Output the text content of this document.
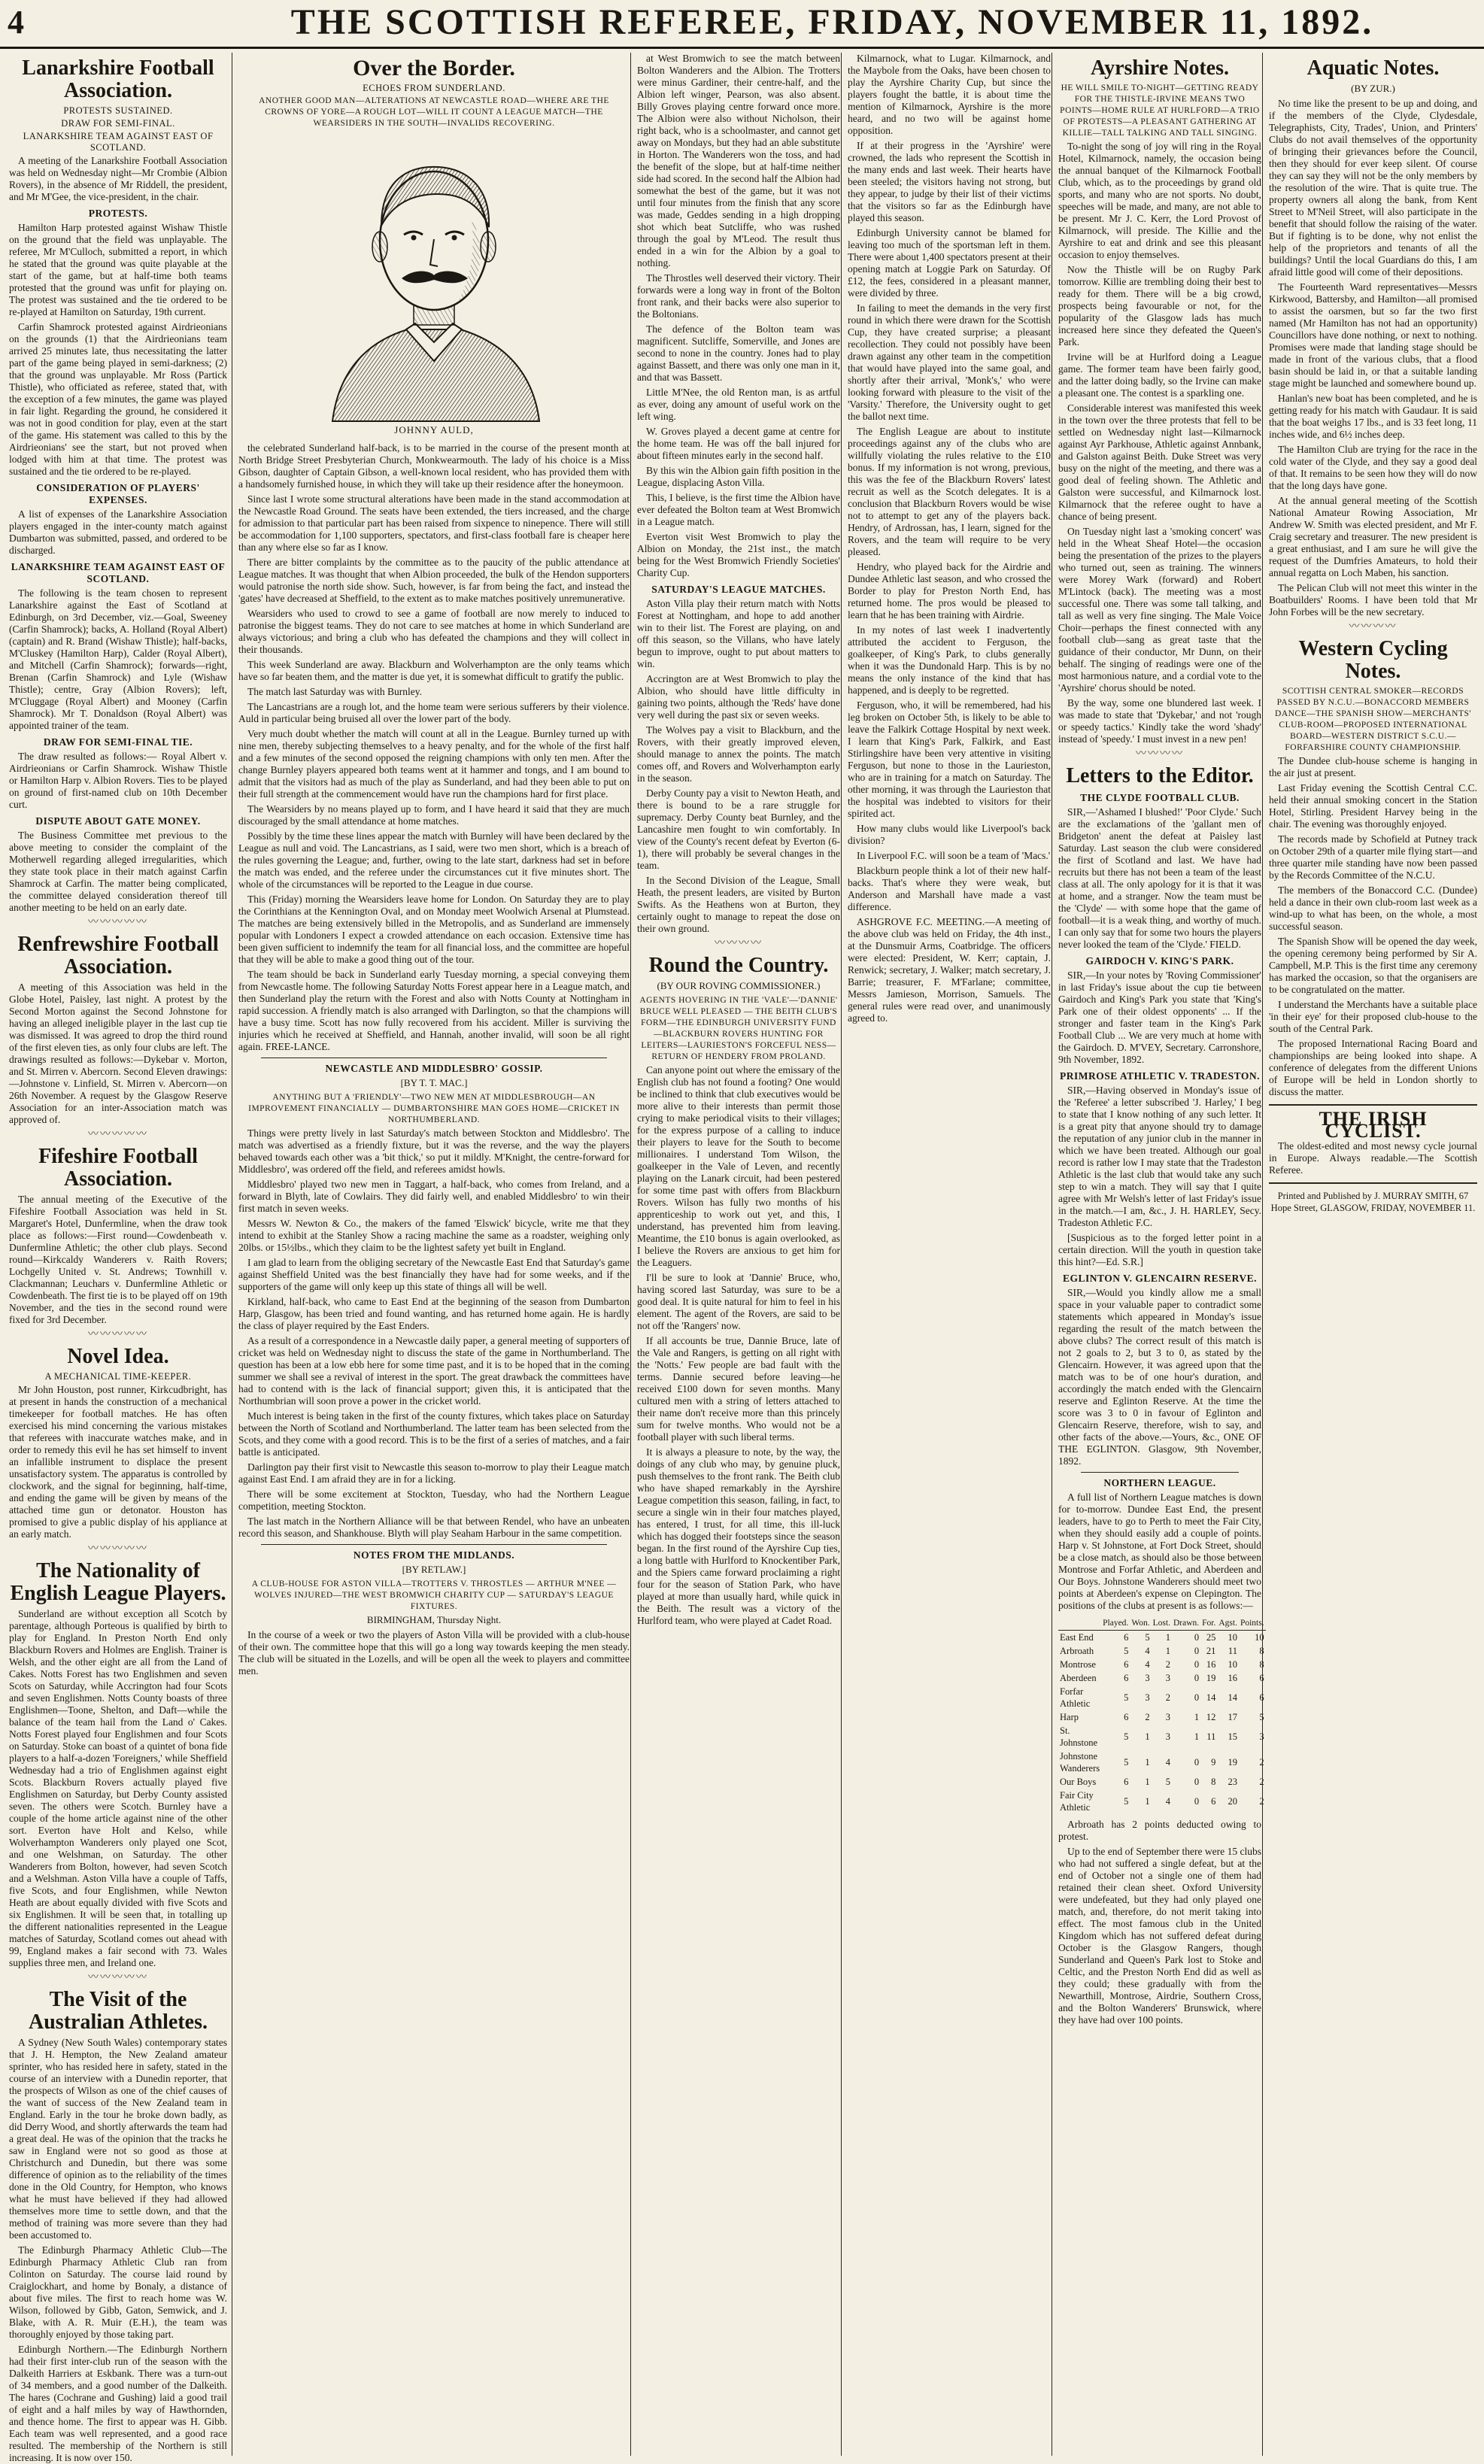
4	THE SCOTTISH REFEREE, FRIDAY, NOVEMBER 11, 1892.
Lanarkshire Football Association.
PROTESTS SUSTAINED.
DRAW FOR SEMI-FINAL.
LANARKSHIRE TEAM AGAINST EAST OF SCOTLAND.

A meeting of the Lanarkshire Football Association was held on Wednesday night—Mr Crombie (Albion Rovers), in the absence of Mr Riddell, the president, and Mr M'Gee, the vice-president, in the chair.

PROTESTS.

Hamilton Harp protested against Wishaw Thistle on the ground that the field was unplayable. The referee, Mr M'Culloch, submitted a report, in which he stated that the ground was quite playable at the start of the game, but at half-time both teams protested that the ground was unfit for playing on. The protest was sustained and the tie ordered to be re-played at Hamilton on Saturday, 19th current.

Carfin Shamrock protested against Airdrieonians on the grounds (1) that the Airdrieonians team arrived 25 minutes late, thus necessitating the latter part of the game being played in semi-darkness; (2) that the ground was unplayable. Mr Ross (Partick Thistle), who officiated as referee, stated that, with the exception of a few minutes, the game was played in fair light. Regarding the ground, he considered it was not in good condition for play, even at the start of the game. His statement was called to this by the Airdrieonians' see the start, but not proved when lodged with him at that time. The protest was sustained and the tie ordered to be re-played.

CONSIDERATION OF PLAYERS' EXPENSES.

A list of expenses of the Lanarkshire Association players engaged in the inter-county match against Dumbarton was submitted, passed, and ordered to be discharged.

LANARKSHIRE TEAM AGAINST EAST OF SCOTLAND.

The following is the team chosen to represent Lanarkshire against the East of Scotland at Edinburgh, on 3rd December, viz.—Goal, Sweeney (Carfin Shamrock); backs, A. Holland (Royal Albert) (captain) and R. Brand (Wishaw Thistle); half-backs, M'Cluskey (Hamilton Harp), Calder (Royal Albert), and Mitchell (Carfin Shamrock); forwards—right, Brenan (Carfin Shamrock) and Lyle (Wishaw Thistle); centre, Gray (Albion Rovers); left, M'Cluggage (Royal Albert) and Mooney (Carfin Shamrock). Mr T. Donaldson (Royal Albert) was appointed trainer of the team.

DRAW FOR SEMI-FINAL TIE.

The draw resulted as follows:— Royal Albert v. Airdrieonians or Carfin Shamrock. Wishaw Thistle or Hamilton Harp v. Albion Rovers. Ties to be played on ground of first-named club on 10th December curt.

DISPUTE ABOUT GATE MONEY.

The Business Committee met previous to the above meeting to consider the complaint of the Motherwell regarding alleged irregularities, which they state took place in their match against Carfin Shamrock at Carfin. The matter being complicated, the committee delayed consideration thereof till another meeting to be held on an early date.

〰〰〰〰〰
Renfrewshire Football Association.

A meeting of this Association was held in the Globe Hotel, Paisley, last night. A protest by the Second Morton against the Second Johnstone for having an alleged ineligible player in the last cup tie was dismissed. It was agreed to drop the third round of the first eleven ties, as only four clubs are left. The drawings resulted as follows:—Dykebar v. Morton, and St. Mirren v. Abercorn. Second Eleven drawings:—Johnstone v. Linfield, St. Mirren v. Abercorn—on 26th November. A request by the Glasgow Reserve Association for an inter-Association match was approved of.

〰〰〰〰〰
Fifeshire Football Association.

The annual meeting of the Executive of the Fifeshire Football Association was held in St. Margaret's Hotel, Dunfermline, when the draw took place as follows:—First round—Cowdenbeath v. Dunfermline Athletic; the other club plays. Second round—Kirkcaldy Wanderers v. Raith Rovers; Lochgelly United v. St. Andrews; Townhill v. Clackmannan; Leuchars v. Dunfermline Athletic or Cowdenbeath. The first tie is to be played off on 19th November, and the ties in the second round were fixed for 3rd December.

〰〰〰〰〰
Novel Idea.
A MECHANICAL TIME-KEEPER.

Mr John Houston, post runner, Kirkcudbright, has at present in hands the construction of a mechanical timekeeper for football matches. He has often exercised his mind concerning the various mistakes that referees with inaccurate watches make, and in order to remedy this evil he has set himself to invent an infallible instrument to displace the present unsatisfactory system. The apparatus is controlled by clockwork, and the signal for beginning, half-time, and ending the game will be given by means of the attached time gun or detonator. Houston has promised to give a public display of his appliance at an early match.

〰〰〰〰〰
The Nationality of English League Players.

Sunderland are without exception all Scotch by parentage, although Porteous is qualified by birth to play for England. In Preston North End only Blackburn Rovers and Holmes are English. Trainer is Welsh, and the other eight are all from the Land of Cakes. Notts Forest has two Englishmen and seven Scots on Saturday, while Accrington had four Scots and seven Englishmen. Notts County boasts of three Englishmen—Toone, Shelton, and Daft—while the balance of the team hail from the Land o' Cakes. Notts Forest played four Englishmen and four Scots on Saturday. Stoke can boast of a quintet of bona fide players to a half-a-dozen 'Foreigners,' while Sheffield Wednesday had a trio of Englishmen against eight Scots. Blackburn Rovers actually played five Englishmen on Saturday, but Derby County assisted seven. The others were Scotch. Burnley have a couple of the home article against nine of the other sort. Everton have Holt and Kelso, while Wolverhampton Wanderers only played one Scot, and one Welshman, on Saturday. The other Wanderers from Bolton, however, had seven Scotch and a Welshman. Aston Villa have a couple of Taffs, five Scots, and four Englishmen, while Newton Heath are about equally divided with five Scots and six Englishmen. It will be seen that, in totalling up the different nationalities represented in the League matches of Saturday, Scotland comes out ahead with 99, England makes a fair second with 73. Wales supplies three men, and Ireland one.

〰〰〰〰〰
The Visit of the Australian Athletes.

A Sydney (New South Wales) contemporary states that J. H. Hempton, the New Zealand amateur sprinter, who has resided here in safety, stated in the course of an interview with a Dunedin reporter, that the prospects of Wilson as one of the chief causes of the want of success of the New Zealand team in England. Early in the tour he broke down badly, as did Derry Wood, and shortly afterwards the team had a great deal. He was of the opinion that the tracks he saw in England were not so good as those at Christchurch and Dunedin, but there was some difference of opinion as to the reliability of the times done in the Old Country, for Hempton, who knows what he must have believed if they had allowed themselves more time to settle down, and that the method of training was more severe than they had been accustomed to.

The Edinburgh Pharmacy Athletic Club—The Edinburgh Pharmacy Athletic Club ran from Colinton on Saturday. The course laid round by Craiglockhart, and home by Bonaly, a distance of about five miles. The first to reach home was W. Wilson, followed by Gibb, Gaton, Semwick, and J. Blake, with A. R. Muir (E.H.), the team was thoroughly enjoyed by those taking part.

Edinburgh Northern.—The Edinburgh Northern had their first inter-club run of the season with the Dalkeith Harriers at Eskbank. There was a turn-out of 34 members, and a good number of the Dalkeith. The hares (Cochrane and Gushing) laid a good trail of eight and a half miles by way of Hawthornden, and thence home. The first to appear was H. Gibb. Each team was well represented, and a good race resulted. The membership of the Northern is still increasing. It is now over 150.

Over the Border.
ECHOES FROM SUNDERLAND.
ANOTHER GOOD MAN—ALTERATIONS AT NEWCASTLE ROAD—WHERE ARE THE CROWNS OF YORE—A ROUGH LOT—WILL IT COUNT A LEAGUE MATCH—THE WEARSIDERS IN THE SOUTH—INVALIDS RECOVERING.
JOHNNY AULD,

the celebrated Sunderland half-back, is to be married in the course of the present month at North Bridge Street Presbyterian Church, Monkwearmouth. The lady of his choice is a Miss Gibson, daughter of Captain Gibson, a well-known local resident, who has provided them with a handsomely furnished house, in which they will take up their residence after the honeymoon.

Since last I wrote some structural alterations have been made in the stand accommodation at the Newcastle Road Ground. The seats have been extended, the tiers increased, and the charge for admission to that particular part has been raised from sixpence to ninepence. There will still be accommodation for 1,100 supporters, spectators, and first-class football fare is cheaper here than any where else so far as I know.

There are bitter complaints by the committee as to the paucity of the public attendance at League matches. It was thought that when Albion proceeded, the bulk of the Hendon supporters would patronise the north side show. Such, however, is far from being the fact, and instead the 'gates' have decreased at Sheffield, to the extent as to make matches positively unremunerative.

Wearsiders who used to crowd to see a game of football are now merely to induced to patronise the biggest teams. They do not care to see matches at home in which Sunderland are always victorious; and bring a club who has defeated the champions and they will collect in their thousands.

This week Sunderland are away. Blackburn and Wolverhampton are the only teams which have so far beaten them, and the matter is due yet, it is somewhat difficult to gratify the public.

The match last Saturday was with Burnley.

The Lancastrians are a rough lot, and the home team were serious sufferers by their violence. Auld in particular being bruised all over the lower part of the body.

Very much doubt whether the match will count at all in the League. Burnley turned up with nine men, thereby subjecting themselves to a heavy penalty, and for the whole of the first half and a few minutes of the second opposed the reigning champions with only ten men. After the change Burnley players appeared both teams went at it hammer and tongs, and I am bound to admit that the visitors had as much of the play as Sunderland, and had they been able to put on their full strength at the commencement would have run the champions hard for first place.

The Wearsiders by no means played up to form, and I have heard it said that they are much discouraged by the small attendance at home matches.

Possibly by the time these lines appear the match with Burnley will have been declared by the League as null and void. The Lancastrians, as I said, were two men short, which is a breach of the rules governing the League; and, further, owing to the late start, darkness had set in before the match was ended, and the referee under the circumstances cut it five minutes short. The whole of the circumstances will be reported to the League in due course.

This (Friday) morning the Wearsiders leave home for London. On Saturday they are to play the Corinthians at the Kennington Oval, and on Monday meet Woolwich Arsenal at Plumstead. The matches are being extensively billed in the Metropolis, and as Sunderland are immensely popular with Londoners I expect a crowded attendance on each occasion. Extensive time has been given sufficient to indemnify the team for all financial loss, and the committee are hopeful that they will be able to make a good thing out of the tour.

The team should be back in Sunderland early Tuesday morning, a special conveying them from Newcastle home. The following Saturday Notts Forest appear here in a League match, and then Sunderland play the return with the Forest and also with Notts County at Nottingham in rapid succession. A friendly match is also arranged with Darlington, so that the champions will have a busy time. Scott has now fully recovered from his accident. Miller is surviving the injuries which he received at Sheffield, and Hannah, another invalid, will soon be all right again. FREE-LANCE.

NEWCASTLE AND MIDDLESBRO' GOSSIP.
[BY T. T. MAC.]
ANYTHING BUT A 'FRIENDLY'—TWO NEW MEN AT MIDDLESBROUGH—AN IMPROVEMENT FINANCIALLY — DUMBARTONSHIRE MAN GOES HOME—CRICKET IN NORTHUMBERLAND.

Things were pretty lively in last Saturday's match between Stockton and Middlesbro'. The match was advertised as a friendly fixture, but it was the reverse, and the way the players behaved towards each other was a 'bit thick,' so put it mildly. M'Knight, the centre-forward for Middlesbro', was ordered off the field, and referees amidst howls.

Middlesbro' played two new men in Taggart, a half-back, who comes from Ireland, and a forward in Blyth, late of Cowlairs. They did fairly well, and enabled Middlesbro' to win their first match in seven weeks.

Messrs W. Newton & Co., the makers of the famed 'Elswick' bicycle, write me that they intend to exhibit at the Stanley Show a racing machine the same as a roadster, weighing only 20lbs. or 15½lbs., which they claim to be the lightest safety yet built in England.

I am glad to learn from the obliging secretary of the Newcastle East End that Saturday's game against Sheffield United was the best financially they have had for some weeks, and if the supporters of the game will only keep up this state of things all will be well.

Kirkland, half-back, who came to East End at the beginning of the season from Dumbarton Harp, Glasgow, has been tried and found wanting, and has returned home again. He is hardly the class of player required by the East Enders.

As a result of a correspondence in a Newcastle daily paper, a general meeting of supporters of cricket was held on Wednesday night to discuss the state of the game in Northumberland. The question has been at a low ebb here for some time past, and it is to be hoped that in the coming summer we shall see a revival of interest in the sport. The great drawback the committees have had to contend with is the lack of financial support; given this, it is anticipated that the Northumbrian will soon prove a power in the cricket world.

Much interest is being taken in the first of the county fixtures, which takes place on Saturday between the North of Scotland and Northumberland. The latter team has been selected from the Scots, and they come with a good record. This is to be the first of a series of matches, and a fair battle is anticipated.

Darlington pay their first visit to Newcastle this season to-morrow to play their League match against East End. I am afraid they are in for a licking.

There will be some excitement at Stockton, Tuesday, who had the Northern League competition, meeting Stockton.

The last match in the Northern Alliance will be that between Rendel, who have an unbeaten record this season, and Shankhouse. Blyth will play Seaham Harbour in the same competition.

NOTES FROM THE MIDLANDS.
[BY RETLAW.]
A CLUB-HOUSE FOR ASTON VILLA—TROTTERS V. THROSTLES — ARTHUR M'NEE — WOLVES INJURED—THE WEST BROMWICH CHARITY CUP — SATURDAY'S LEAGUE FIXTURES.
BIRMINGHAM, Thursday Night.

In the course of a week or two the players of Aston Villa will be provided with a club-house of their own. The committee hope that this will go a long way towards keeping the men steady. The club will be situated in the Lozells, and will be open all the week to players and committee men.

at West Bromwich to see the match between Bolton Wanderers and the Albion. The Trotters were minus Gardiner, their centre-half, and the Albion left winger, Pearson, was also absent. Billy Groves playing centre forward once more. The Albion were also without Nicholson, their right back, who is a schoolmaster, and cannot get away on Mondays, but they had an able substitute in Horton. The Wanderers won the toss, and had the benefit of the slope, but at half-time neither side had scored. In the second half the Albion had somewhat the best of the game, but it was not until four minutes from the finish that any score was made, Geddes sending in a high dropping shot which beat Sutcliffe, who was rushed through the goal by M'Leod. The result thus ended in a win for the Albion by a goal to nothing.

The Throstles well deserved their victory. Their forwards were a long way in front of the Bolton front rank, and their backs were also superior to the Boltonians.

The defence of the Bolton team was magnificent. Sutcliffe, Somerville, and Jones are second to none in the country. Jones had to play against Bassett, and there was only one man in it, and that was Bassett.

Little M'Nee, the old Renton man, is as artful as ever, doing any amount of useful work on the left wing.

W. Groves played a decent game at centre for the home team. He was off the ball injured for about fifteen minutes early in the second half.

By this win the Albion gain fifth position in the League, displacing Aston Villa.

This, I believe, is the first time the Albion have ever defeated the Bolton team at West Bromwich in a League match.

Everton visit West Bromwich to play the Albion on Monday, the 21st inst., the match being for the West Bromwich Friendly Societies' Charity Cup.

SATURDAY'S LEAGUE MATCHES.

Aston Villa play their return match with Notts Forest at Nottingham, and hope to add another win to their list. The Forest are playing, on and off this season, so the Villans, who have lately begun to improve, ought to put about matters to win.

Accrington are at West Bromwich to play the Albion, who should have little difficulty in gaining two points, although the 'Reds' have done very well during the past six or seven weeks.

The Wolves pay a visit to Blackburn, and the Rovers, with their greatly improved eleven, should manage to annex the points. The match comes off, and Rovers and Wolverhampton early in the season.

Derby County pay a visit to Newton Heath, and there is bound to be a rare struggle for supremacy. Derby County beat Burnley, and the Lancashire men fought to win comfortably. In view of the County's recent defeat by Everton (6-1), there will probably be several changes in the team.

In the Second Division of the League, Small Heath, the present leaders, are visited by Burton Swifts. As the Heathens won at Burton, they certainly ought to manage to repeat the dose on their own ground.

〰〰〰〰
Round the Country.
(BY OUR ROVING COMMISSIONER.)
AGENTS HOVERING IN THE 'VALE'—'DANNIE' BRUCE WELL PLEASED — THE BEITH CLUB'S FORM—THE EDINBURGH UNIVERSITY FUND—BLACKBURN ROVERS HUNTING FOR LEITERS—LAURIESTON'S FORCEFUL NESS—RETURN OF HENDERY FROM PROLAND.

Can anyone point out where the emissary of the English club has not found a footing? One would be inclined to think that club executives would be more alive to their interests than permit those crying to make periodical visits to their villages; for the express purpose of a calling to induce their players to leave for the South to become millionaires. I understand Tom Wilson, the goalkeeper in the Vale of Leven, and recently playing on the Lanark circuit, had been pestered for some time past with offers from Blackburn Rovers. Wilson has fully two months of his apprenticeship to work out yet, and this, I understand, has prevented him from leaving. Meantime, the £10 bonus is again overlooked, as I believe the Rovers are anxious to get him for the Leaguers.

I'll be sure to look at 'Dannie' Bruce, who, having scored last Saturday, was sure to be a good deal. It is quite natural for him to feel in his element. The agent of the Rovers, are said to be not off the 'Rangers' now.

If all accounts be true, Dannie Bruce, late of the Vale and Rangers, is getting on all right with the 'Notts.' Few people are bad fault with the terms. Dannie secured before leaving—he received £100 down for seven months. Many cultured men with a string of letters attached to their name don't receive more than this princely sum for twelve months. Who would not be a football player with such liberal terms.

It is always a pleasure to note, by the way, the doings of any club who may, by genuine pluck, push themselves to the front rank. The Beith club who have shaped remarkably in the Ayrshire League competition this season, failing, in fact, to secure a single win in their four matches played, has entered, I trust, for all time, this ill-luck which has dogged their footsteps since the season began. In the first round of the Ayrshire Cup ties, a long battle with Hurlford to Knockentiber Park, and the Spiers came forward proclaiming a right four for the season of Station Park, who have played at more than usually hard, while quick in the Beith. The result was a victory of the Hurlford team, who were played at Cadet Road.

Kilmarnock, what to Lugar. Kilmarnock, and the Maybole from the Oaks, have been chosen to play the Ayrshire Charity Cup, but since the players fought the battle, it is about time the mention of Kilmarnock, Ayrshire is the more heard, and no two will be against home opposition.

If at their progress in the 'Ayrshire' were crowned, the lads who represent the Scottish in the many ends and last week. Their hearts have been steeled; the visitors having not strong, but they appear, to judge by their list of their victims that the visitors so far as the Edinburgh have played this season.

Edinburgh University cannot be blamed for leaving too much of the sportsman left in them. There were about 1,400 spectators present at their opening match at Loggie Park on Saturday. Of £12, the fees, considered in a pleasant manner, were divided by three.

In failing to meet the demands in the very first round in which there were drawn for the Scottish Cup, they have created surprise; a pleasant recollection. They could not possibly have been drawn against any other team in the competition that would have played into the same goal, and shortly after their arrival, 'Monk's,' who were looking forward with pleasure to the visit of the 'Varsity.' Therefore, the University ought to get the ballot next time.

The English League are about to institute proceedings against any of the clubs who are willfully violating the rules relative to the £10 bonus. If my information is not wrong, previous, this was the fee of the Blackburn Rovers' latest recruit as well as the Scotch delegates. It is a conclusion that Blackburn Rovers would be wise not to attempt to get any of the players back. Hendry, of Ardrossan, has, I learn, signed for the Rovers, and the team will require to be very pleased.

Hendry, who played back for the Airdrie and Dundee Athletic last season, and who crossed the Border to play for Preston North End, has returned home. The pros would be pleased to learn that he has been training with Airdrie.

In my notes of last week I inadvertently attributed the accident to Ferguson, the goalkeeper, of King's Park, to clubs generally when it was the Dundonald Harp. This is by no means the only instance of the kind that has happened, and is deeply to be regretted.

Ferguson, who, it will be remembered, had his leg broken on October 5th, is likely to be able to leave the Falkirk Cottage Hospital by next week. I learn that King's Park, Falkirk, and East Stirlingshire have been very attentive in visiting Ferguson, but none to those in the Laurieston, who are in training for a match on Saturday. The other morning, it was through the Laurieston that the hospital was indebted to visitors for their spirited act.

How many clubs would like Liverpool's back division?

In Liverpool F.C. will soon be a team of 'Macs.'

Blackburn people think a lot of their new half-backs. That's where they were weak, but Anderson and Marshall have made a vast difference.

ASHGROVE F.C. MEETING.—A meeting of the above club was held on Friday, the 4th inst., at the Dunsmuir Arms, Coatbridge. The officers were elected: President, W. Kerr; captain, J. Renwick; secretary, J. Walker; match secretary, J. Barrie; treasurer, F. M'Farlane; committee, Messrs Jamieson, Morrison, Samuels. The general rules were read over, and unanimously agreed to.

Ayrshire Notes.
HE WILL SMILE TO-NIGHT—GETTING READY FOR THE THISTLE-IRVINE MEANS TWO POINTS—HOME RULE AT HURLFORD—A TRIO OF PROTESTS—A PLEASANT GATHERING AT KILLIE—TALL TALKING AND TALL SINGING.

To-night the song of joy will ring in the Royal Hotel, Kilmarnock, namely, the occasion being the annual banquet of the Kilmarnock Football Club, which, as to the proceedings by grand old sports, and many who are not sports. No doubt, speeches will be made, and many, are not able to be present. Mr J. C. Kerr, the Lord Provost of Kilmarnock, will preside. The Killie and the Ayrshire to eat and drink and see this pleasant occasion to enjoy themselves.

Now the Thistle will be on Rugby Park tomorrow. Killie are trembling doing their best to ready for them. There will be a big crowd, prospects being favourable or not, for the popularity of the Glasgow lads has much increased here since they defeated the Queen's Park.

Irvine will be at Hurlford doing a League game. The former team have been fairly good, and the latter doing badly, so the Irvine can make a pleasant one. The contest is a sparkling one.

Considerable interest was manifested this week in the town over the three protests that fell to be settled on Wednesday night last—Kilmarnock against Ayr Parkhouse, Athletic against Annbank, and Galston against Beith. Duke Street was very busy on the night of the meeting, and there was a good deal of feeling shown. The Athletic and Galston were successful, and Kilmarnock lost. Kilmarnock that the referee ought to have a chance of being present.

On Tuesday night last a 'smoking concert' was held in the Wheat Sheaf Hotel—the occasion being the presentation of the prizes to the players who turned out, seen as training. The winners were Morey Wark (forward) and Robert M'Lintock (back). The meeting was a most successful one. There was some tall talking, and tall as well as very fine singing. The Male Voice Choir—perhaps the finest connected with any football club—sang as great taste that the guidance of their conductor, Mr Dunn, on their behalf. The singing of readings were one of the most harmonious nature, and a cordial vote to the 'Ayrshire' chorus should be noted.

By the way, some one blundered last week. I was made to state that 'Dykebar,' and not 'rough or speedy tactics.' Kindly take the word 'shady' instead of 'speedy.' I must invest in a new pen!

〰〰〰〰
Letters to the Editor.
THE CLYDE FOOTBALL CLUB.

SIR,—'Ashamed I blushed!' 'Poor Clyde.' Such are the exclamations of the 'gallant men of Bridgeton' anent the defeat at Paisley last Saturday. Last season the club were considered the first of Scotland and last. We have had recruits but there has not been a team of the least class at all. The only apology for it is that it was at home, and a stranger. Now the team must be the 'Clyde' — with some hope that the game of football—it is a weak thing, and worthy of much. I can only say that for some two hours the players never looked the team of the 'Clyde.' FIELD.

GAIRDOCH V. KING'S PARK.

SIR,—In your notes by 'Roving Commissioner' in last Friday's issue about the cup tie between Gairdoch and King's Park you state that 'King's Park one of their oldest opponents' ... If the stronger and faster team in the King's Park Football Club ... We are very much at home with the Gairdoch. D. M'VEY, Secretary. Carronshore, 9th November, 1892.

PRIMROSE ATHLETIC V. TRADESTON.

SIR,—Having observed in Monday's issue of the 'Referee' a letter subscribed 'J. Harley,' I beg to state that I know nothing of any such letter. It is a great pity that anyone should try to damage the reputation of any junior club in the manner in which we have been treated. Although our goal record is rather low I may state that the Tradeston Athletic is the last club that would take any such step to win a match. They will say that I quite agree with Mr Welsh's letter of last Friday's issue in the match.—I am, &c., J. H. HARLEY, Secy. Tradeston Athletic F.C.

[Suspicious as to the forged letter point in a certain direction. Will the youth in question take this hint?—Ed. S.R.]

EGLINTON V. GLENCAIRN RESERVE.

SIR,—Would you kindly allow me a small space in your valuable paper to contradict some statements which appeared in Monday's issue regarding the result of the match between the above clubs? The correct result of this match is not 2 goals to 2, but 3 to 0, as stated by the Glencairn. However, it was agreed upon that the match was to be of one hour's duration, and accordingly the match ended with the Glencairn reserve and Eglinton Reserve. At the time the score was 3 to 0 in favour of Eglinton and Glencairn Reserve, therefore, wish to say, and other facts of the above.—Yours, &c., ONE OF THE EGLINTON. Glasgow, 9th November, 1892.

NORTHERN LEAGUE.

A full list of Northern League matches is down for to-morrow. Dundee East End, the present leaders, have to go to Perth to meet the Fair City, when they should easily add a couple of points. Harp v. St Johnstone, at Fort Dock Street, should be a close match, as should also be those between Montrose and Forfar Athletic, and Aberdeen and Our Boys. Johnstone Wanderers should meet two points at Aberdeen's expense on Clepington. The positions of the clubs at present is as follows:—

	Played.	Won.	Lost.	Drawn.	For.	Agst.	Points.
East End	6	5	1	0	25	10	10
Arbroath	5	4	1	0	21	11	8
Montrose	6	4	2	0	16	10	8
Aberdeen	6	3	3	0	19	16	6
Forfar Athletic	5	3	2	0	14	14	6
Harp	6	2	3	1	12	17	5
St. Johnstone	5	1	3	1	11	15	3
Johnstone Wanderers	5	1	4	0	9	19	2
Our Boys	6	1	5	0	8	23	2
Fair City Athletic	5	1	4	0	6	20	2

Arbroath has 2 points deducted owing to protest.

Up to the end of September there were 15 clubs who had not suffered a single defeat, but at the end of October not a single one of them had retained their clean sheet. Oxford University were undefeated, but they had only played one match, and, therefore, do not merit taking into effect. The most famous club in the United Kingdom which has not suffered defeat during October is the Glasgow Rangers, though Sunderland and Queen's Park lost to Stoke and Celtic, and the Preston North End did as well as they could; these gradually with from the Newarthill, Montrose, Airdrie, Southern Cross, and the Bolton Wanderers' Brunswick, where they have had over 100 points.

Aquatic Notes.
(BY ZUR.)

No time like the present to be up and doing, and if the members of the Clyde, Clydesdale, Telegraphists, City, Trades', Union, and Printers' Clubs do not avail themselves of the opportunity of bringing their grievances before the Council, then they should for ever keep silent. Of course they can say they will not be the only members by the resolution of the wire. That is quite true. The property owners all along the bank, from Kent Street to M'Neil Street, will also participate in the benefit that should follow the raising of the water. But if fighting is to be done, why not enlist the help of the proprietors and tenants of all the buildings? Until the local Guardians do this, I am afraid little good will come of their depositions.

The Fourteenth Ward representatives—Messrs Kirkwood, Battersby, and Hamilton—all promised to assist the oarsmen, but so far the two first named (Mr Hamilton has not had an opportunity) Councillors have done nothing, or next to nothing. Promises were made that landing stage should be made in front of the various clubs, that a flood basin should be laid in, or that a suitable landing stage might be launched and somewhere bound up.

Hanlan's new boat has been completed, and he is getting ready for his match with Gaudaur. It is said that the boat weighs 17 lbs., and is 33 feet long, 11 inches wide, and 6½ inches deep.

The Hamilton Club are trying for the race in the cold water of the Clyde, and they say a good deal of that. It remains to be seen how they will do now that the long days have gone.

At the annual general meeting of the Scottish National Amateur Rowing Association, Mr Andrew W. Smith was elected president, and Mr F. Craig secretary and treasurer. The new president is a great enthusiast, and I am sure he will give the request of the Dumfries Amateurs, to hold their annual regatta on Loch Maben, his sanction.

The Pelican Club will not meet this winter in the Boatbuilders' Rooms. I have been told that Mr John Forbes will be the new secretary.

〰〰〰〰
Western Cycling Notes.
SCOTTISH CENTRAL SMOKER—RECORDS PASSED BY N.C.U.—BONACCORD MEMBERS DANCE—THE SPANISH SHOW—MERCHANTS' CLUB-ROOM—PROPOSED INTERNATIONAL BOARD—WESTERN DISTRICT S.C.U.—FORFARSHIRE COUNTY CHAMPIONSHIP.

The Dundee club-house scheme is hanging in the air just at present.

Last Friday evening the Scottish Central C.C. held their annual smoking concert in the Station Hotel, Stirling. President Harvey being in the chair. The evening was thoroughly enjoyed.

The records made by Schofield at Putney track on October 29th of a quarter mile flying start—and three quarter mile standing have now been passed by the Records Committee of the N.C.U.

The members of the Bonaccord C.C. (Dundee) held a dance in their own club-room last week as a wind-up to what has been, on the whole, a most successful season.

The Spanish Show will be opened the day week, the opening ceremony being performed by Sir A. Campbell, M.P. This is the first time any ceremony has marked the occasion, so that the organisers are to be congratulated on the matter.

I understand the Merchants have a suitable place 'in their eye' for their proposed club-house to the south of the Central Park.

The proposed International Racing Board and championships are being looked into shape. A conference of delegates from the different Unions of Europe will be held in London shortly to discuss the matter.

THE IRISH CYCLIST.

The oldest-edited and most newsy cycle journal in Europe. Always readable.—The Scottish Referee.

Printed and Published by J. MURRAY SMITH, 67 Hope Street, GLASGOW, FRIDAY, NOVEMBER 11.
